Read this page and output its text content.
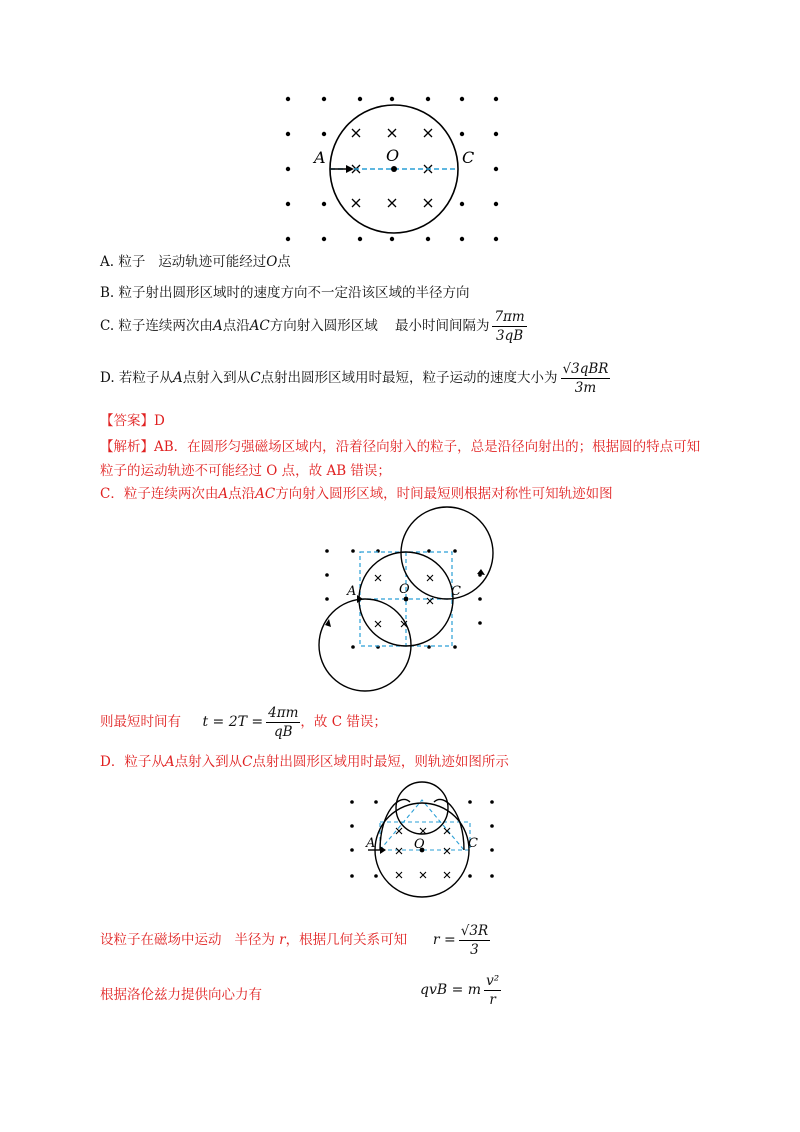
A	O	C
A. 粒子 运动轨迹可能经过O点
B. 粒子射出圆形区域时的速度方向不一定沿该区域的半径方向
C. 粒子连续两次由A点沿AC方向射入圆形区域 最小时间间隔为 $\frac{7\pi m}{3qB}$
D. 若粒子从A点射入到从C点射出圆形区域用时最短，粒子运动的速度大小为 $\frac{\text{√3qBR}}{3m}$
【答案】D
【解析】AB．在圆形匀强磁场区域内，沿着径向射入的粒子，总是沿径向射出的；根据圆的特点可知
粒子的运动轨迹不可能经过 O 点，故 AB 错误；
C．粒子连续两次由A点沿AC方向射入圆形区域，时间最短则根据对称性可知轨迹如图
A	O	C
则最短时间有 $t = 2T = \frac{4\pi m}{qB}$ ，故 C 错误；
D．粒子从A点射入到从C点射出圆形区域用时最短，则轨迹如图所示
A	O	C
设粒子在磁场中运动 半径为 r，根据几何关系可知 $r = \frac{√3R}{3}$
根据洛伦兹力提供向心力有	qvB = m $\frac{\text{v²}}{r}$
